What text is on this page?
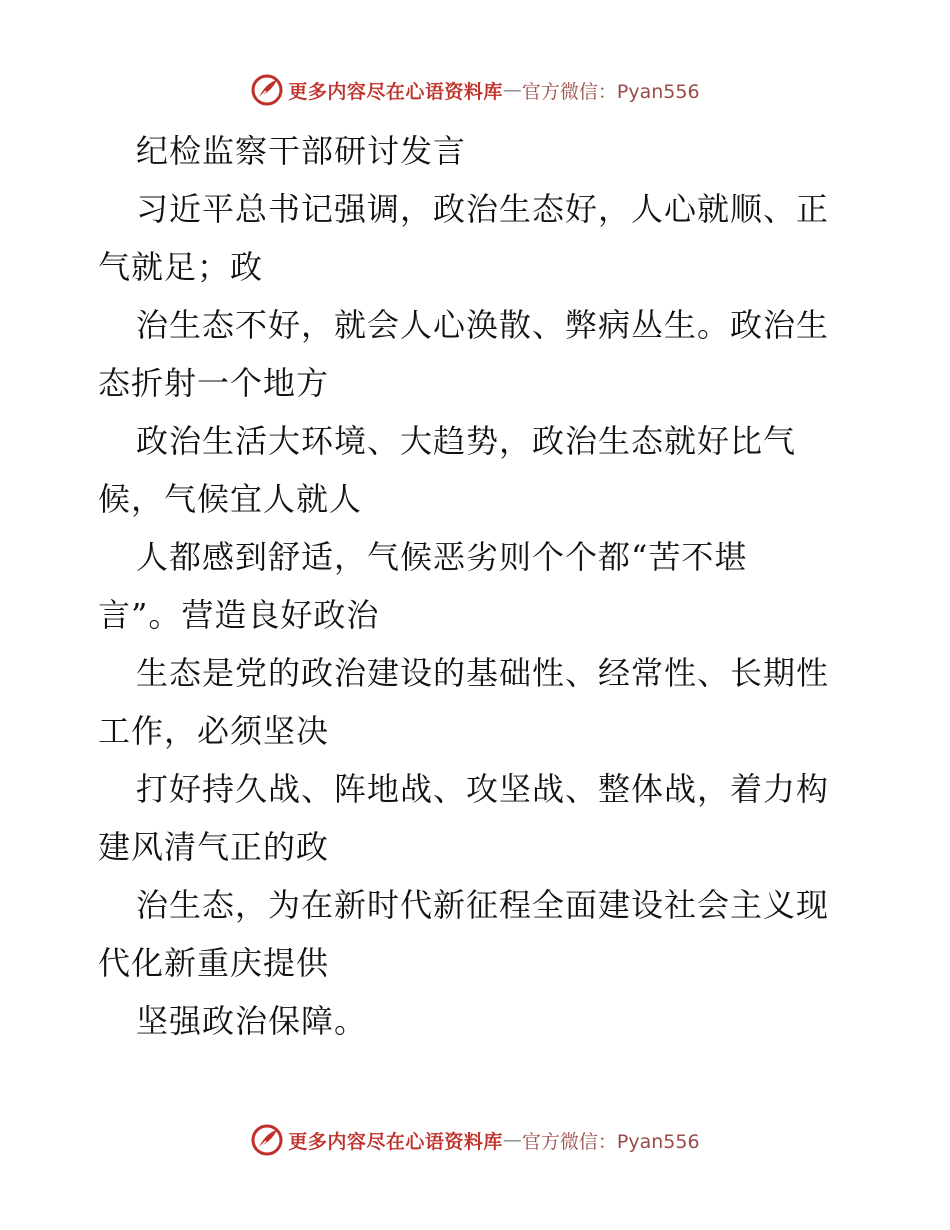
更多内容尽在心语资料库 — 官方微信：Pyan556
纪检监察干部研讨发言
习近平总书记强调，政治生态好，人心就顺、正
气就足；政
治生态不好，就会人心涣散、弊病丛生。政治生
态折射一个地方
政治生活大环境、大趋势，政治生态就好比气
候，气候宜人就人
人都感到舒适，气候恶劣则个个都“苦不堪
言”。营造良好政治
生态是党的政治建设的基础性、经常性、长期性
工作，必须坚决
打好持久战、阵地战、攻坚战、整体战，着力构
建风清气正的政
治生态，为在新时代新征程全面建设社会主义现
代化新重庆提供
坚强政治保障。
更多内容尽在心语资料库 — 官方微信：Pyan556
